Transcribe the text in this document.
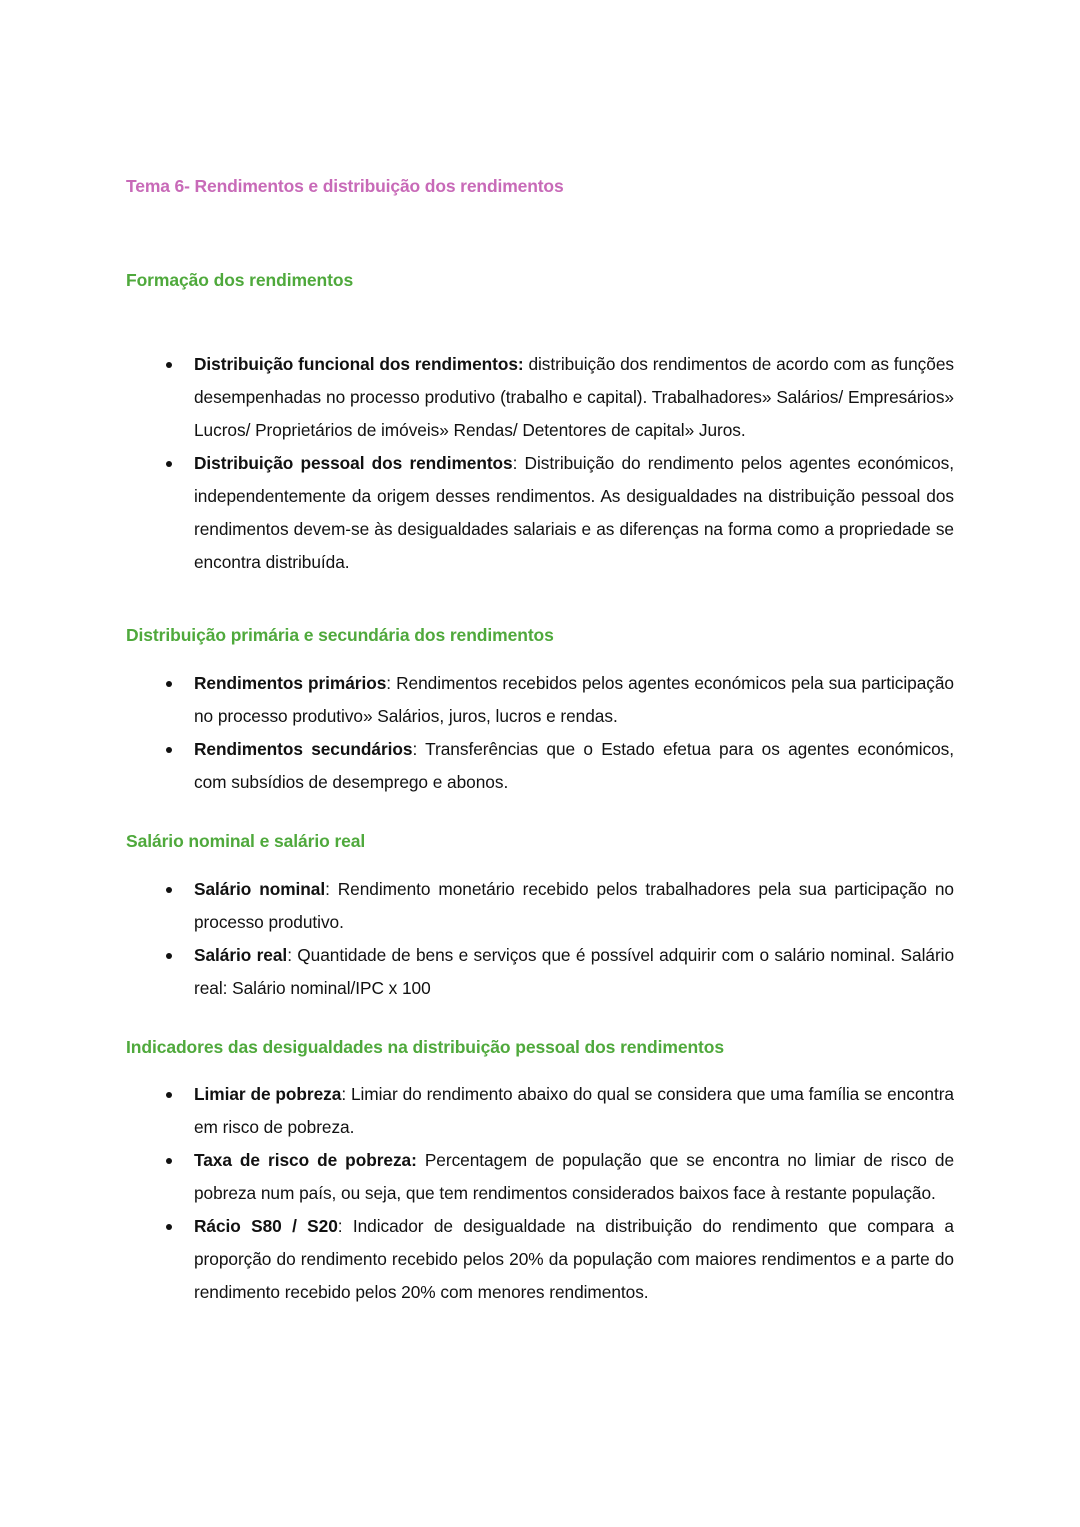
Tema 6- Rendimentos e distribuição dos rendimentos
Formação dos rendimentos
Distribuição funcional dos rendimentos: distribuição dos rendimentos de acordo com as funções desempenhadas no processo produtivo (trabalho e capital). Trabalhadores» Salários/ Empresários» Lucros/ Proprietários de imóveis» Rendas/ Detentores de capital» Juros.
Distribuição pessoal dos rendimentos: Distribuição do rendimento pelos agentes económicos, independentemente da origem desses rendimentos. As desigualdades na distribuição pessoal dos rendimentos devem-se às desigualdades salariais e as diferenças na forma como a propriedade se encontra distribuída.
Distribuição primária e secundária dos rendimentos
Rendimentos primários: Rendimentos recebidos pelos agentes económicos pela sua participação no processo produtivo» Salários, juros, lucros e rendas.
Rendimentos secundários: Transferências que o Estado efetua para os agentes económicos, com subsídios de desemprego e abonos.
Salário nominal e salário real
Salário nominal: Rendimento monetário recebido pelos trabalhadores pela sua participação no processo produtivo.
Salário real: Quantidade de bens e serviços que é possível adquirir com o salário nominal. Salário real: Salário nominal/IPC x 100
Indicadores das desigualdades na distribuição pessoal dos rendimentos
Limiar de pobreza: Limiar do rendimento abaixo do qual se considera que uma família se encontra em risco de pobreza.
Taxa de risco de pobreza: Percentagem de população que se encontra no limiar de risco de pobreza num país, ou seja, que tem rendimentos considerados baixos face à restante população.
Rácio S80 / S20: Indicador de desigualdade na distribuição do rendimento que compara a proporção do rendimento recebido pelos 20% da população com maiores rendimentos e a parte do rendimento recebido pelos 20% com menores rendimentos.
